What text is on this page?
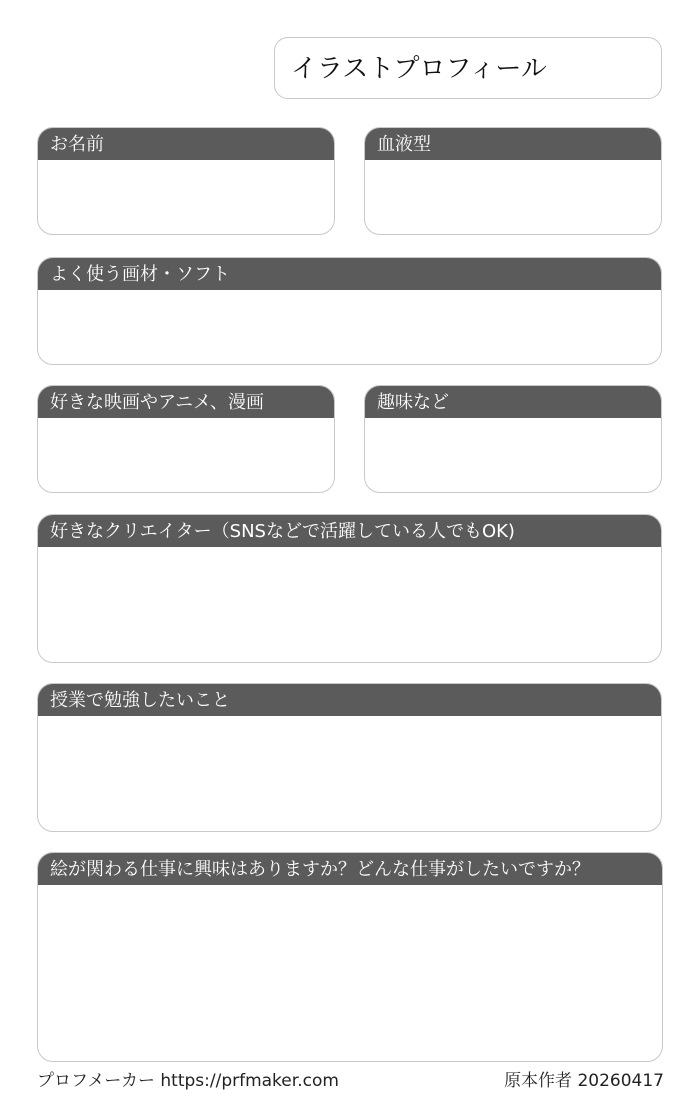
イラストプロフィール
お名前	血液型
よく使う画材・ソフト
好きな映画やアニメ、漫画	趣味など
好きなクリエイター（SNSなどで活躍している人でもOK)
授業で勉強したいこと
絵が関わる仕事に興味はありますか？どんな仕事がしたいですか？
プロフメーカー https://prfmaker.com	原本作者 20260417
